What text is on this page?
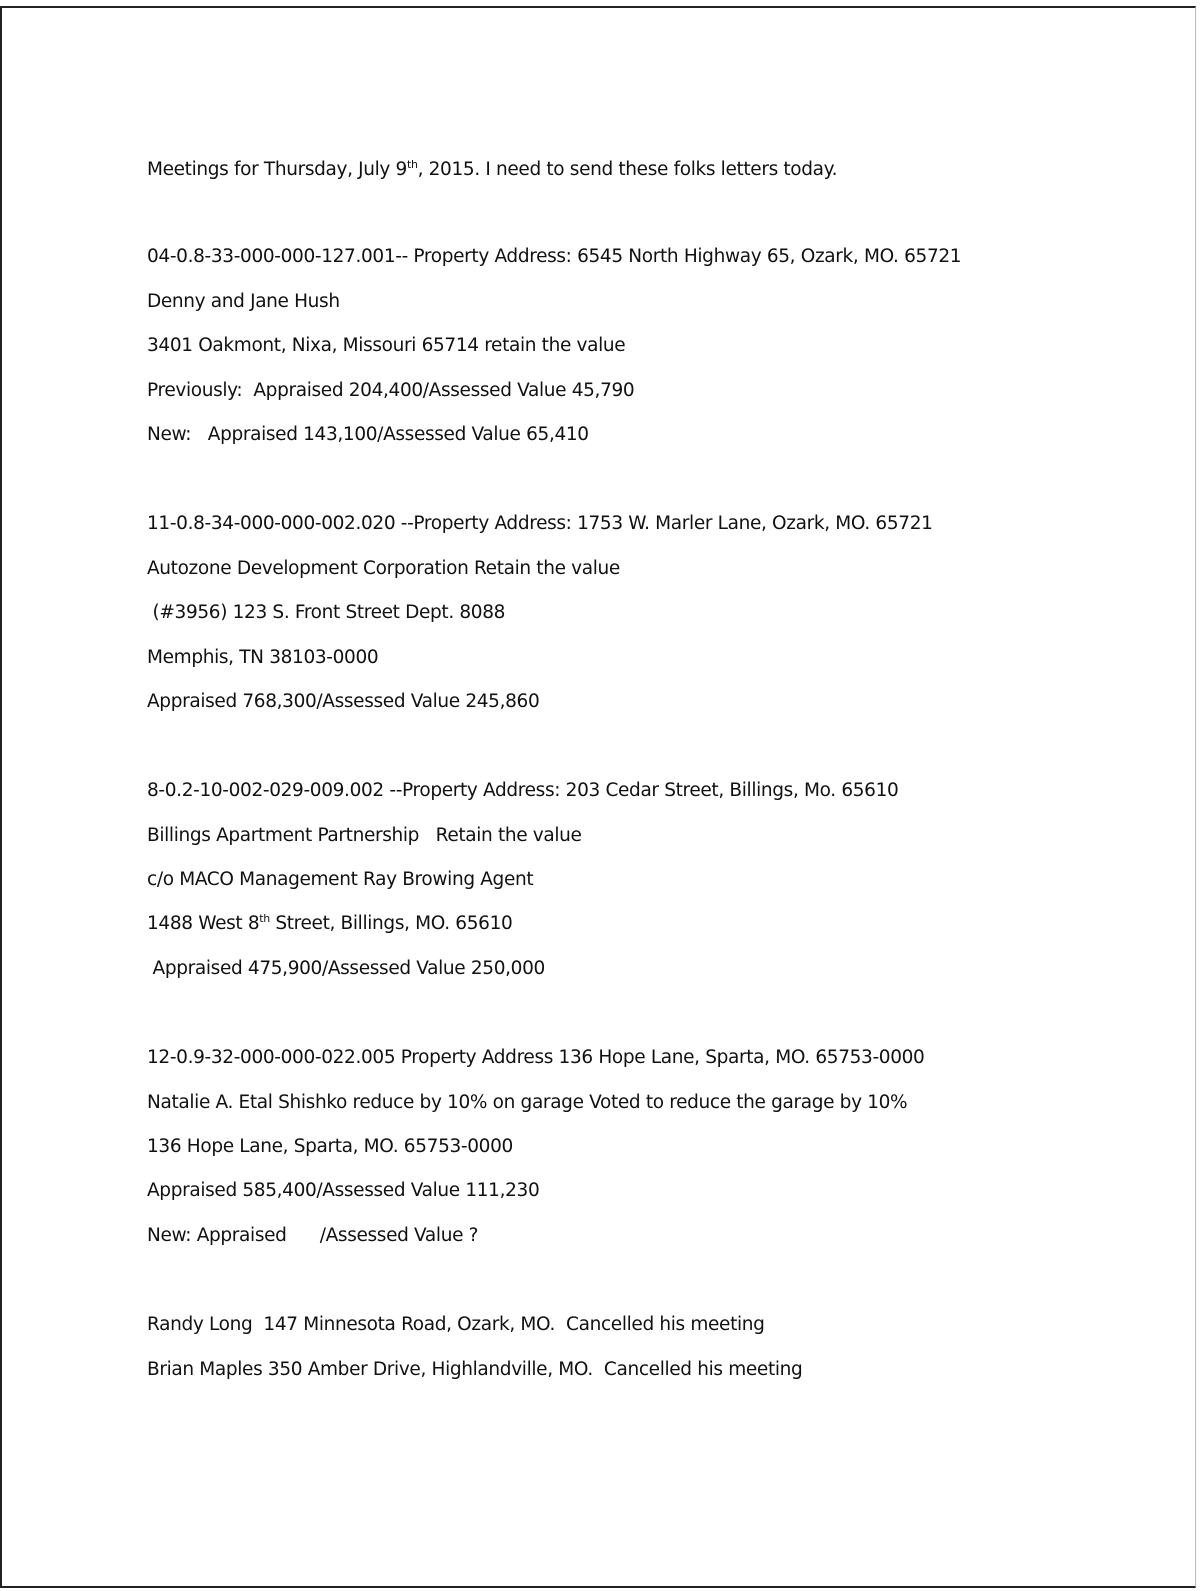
Meetings for Thursday, July 9th, 2015. I need to send these folks letters today.
04-0.8-33-000-000-127.001-- Property Address: 6545 North Highway 65, Ozark, MO. 65721
Denny and Jane Hush
3401 Oakmont, Nixa, Missouri 65714 retain the value
Previously:  Appraised 204,400/Assessed Value 45,790
New:   Appraised 143,100/Assessed Value 65,410
11-0.8-34-000-000-002.020 --Property Address: 1753 W. Marler Lane, Ozark, MO. 65721
Autozone Development Corporation Retain the value
(#3956) 123 S. Front Street Dept. 8088
Memphis, TN 38103-0000
Appraised 768,300/Assessed Value 245,860
8-0.2-10-002-029-009.002 --Property Address: 203 Cedar Street, Billings, Mo. 65610
Billings Apartment Partnership   Retain the value
c/o MACO Management Ray Browing Agent
1488 West 8th Street, Billings, MO. 65610
Appraised 475,900/Assessed Value 250,000
12-0.9-32-000-000-022.005 Property Address 136 Hope Lane, Sparta, MO. 65753-0000
Natalie A. Etal Shishko reduce by 10% on garage Voted to reduce the garage by 10%
136 Hope Lane, Sparta, MO. 65753-0000
Appraised 585,400/Assessed Value 111,230
New: Appraised      /Assessed Value ?
Randy Long  147 Minnesota Road, Ozark, MO.  Cancelled his meeting
Brian Maples 350 Amber Drive, Highlandville, MO.  Cancelled his meeting
